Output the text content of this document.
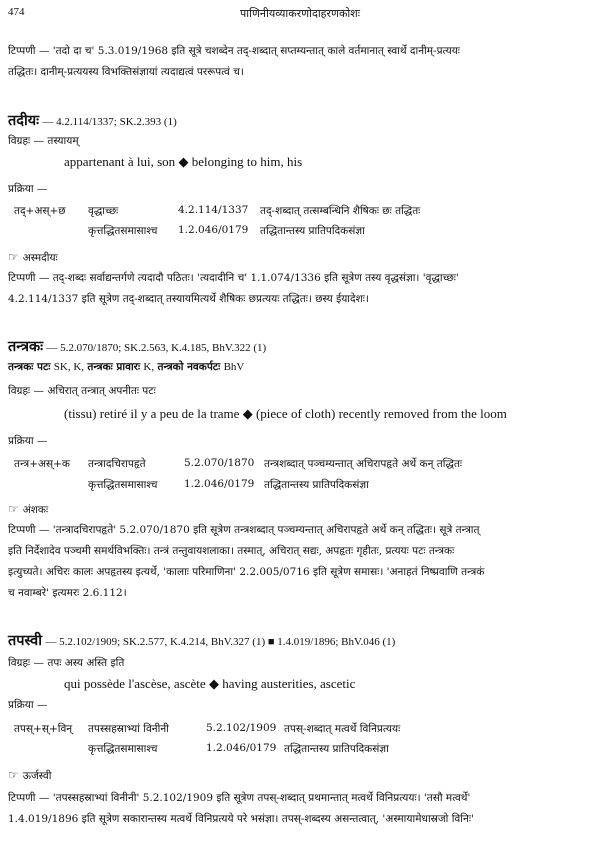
474	पाणिनीयव्याकरणोदाहरणकोशः
टिप्पणी — 'तदो दा च' 5.3.019/1968 इति सूत्रे चशब्देन तद्-शब्दात् सप्तम्यन्तात् काले वर्तमानात् स्वार्थे दानीम्-प्रत्ययः
तद्धितः। दानीम्-प्रत्ययस्य विभक्तिसंज्ञायां त्यदाद्यत्वं पररूपत्वं च।
तदीयः — 4.2.114/1337; SK.2.393 (1)
विग्रहः — तस्यायम्
appartenant à lui, son ◆ belonging to him, his
प्रक्रिया —
तद्+अस्+छ वृद्धाच्छः	4.2.114/1337 तद्-शब्दात् तत्सम्बन्धिनि शैषिकः छः तद्धितः
कृत्तद्धितसमासाश्च 1.2.046/0179 तद्धितान्तस्य प्रातिपदिकसंज्ञा
☞ अस्मदीयः
टिप्पणी — तद्-शब्दः सर्वाद्यन्तर्गणे त्यदादौ पठितः। 'त्यदादीनि च' 1.1.074/1336 इति सूत्रेण तस्य वृद्धसंज्ञा। 'वृद्धाच्छः'
4.2.114/1337 इति सूत्रेण तद्-शब्दात् तस्यायमित्यर्थे शैषिकः छप्रत्ययः तद्धितः। छस्य ईयादेशः।
तन्त्रकः — 5.2.070/1870; SK.2.563, K.4.185, BhV.322 (1)
तन्त्रकः पटः SK, K, तन्त्रकः प्रावारः K, तन्त्रको नवकर्पटः BhV
विग्रहः — अचिरात् तन्त्रात् अपनीतः पटः
(tissu) retiré il y a peu de la trame ◆ (piece of cloth) recently removed from the loom
प्रक्रिया —
तन्त्र+अस्+क तन्त्रादचिरापहृते	5.2.070/1870 तन्त्रशब्दात् पञ्चम्यन्तात् अचिरापहृते अर्थे कन् तद्धितः
कृत्तद्धितसमासाश्च	1.2.046/0179 तद्धितान्तस्य प्रातिपदिकसंज्ञा
☞ अंशकः
टिप्पणी — 'तन्त्रादचिरापहृते' 5.2.070/1870 इति सूत्रेण तन्त्रशब्दात् पञ्चम्यन्तात् अचिरापहृते अर्थे कन् तद्धितः। सूत्रे तन्त्रात्
इति निर्देशादेव पञ्चमी समर्थविभक्तिः। तन्त्रं तन्तुवायशलाका। तस्मात्, अचिरात् सद्यः, अपहृतः गृहीतः, प्रत्ययः पटः तन्त्रकः
इत्युच्यते। अचिरः कालः अपहृतस्य इत्यर्थे, 'कालाः परिमाणिना' 2.2.005/0716 इति सूत्रेण समासः। 'अनाहतं निष्प्रवाणि तन्त्रकं
च नवाम्बरे' इत्यमरः 2.6.112।
तपस्वी — 5.2.102/1909; SK.2.577, K.4.214, BhV.327 (1) ■ 1.4.019/1896; BhV.046 (1)
विग्रहः — तपः अस्य अस्ति इति
qui possède l'ascèse, ascète ◆ having austerities, ascetic
प्रक्रिया —
तपस्+स्+विन् तपस्सहस्राभ्यां विनीनी	5.2.102/1909 तपस्-शब्दात् मत्वर्थे विनिप्रत्ययः
कृत्तद्धितसमासाश्च	1.2.046/0179 तद्धितान्तस्य प्रातिपदिकसंज्ञा
☞ ऊर्जस्वी
टिप्पणी — 'तपस्सहस्राभ्यां विनीनी' 5.2.102/1909 इति सूत्रेण तपस्-शब्दात् प्रथमान्तात् मत्वर्थे विनिप्रत्ययः। 'तसौ मत्वर्थे'
1.4.019/1896 इति सूत्रेण सकारान्तस्य मत्वर्थे विनिप्रत्यये परे भसंज्ञा। तपस्-शब्दस्य असन्तत्वात्, 'अस्मायामेधास्रजो विनिः'
